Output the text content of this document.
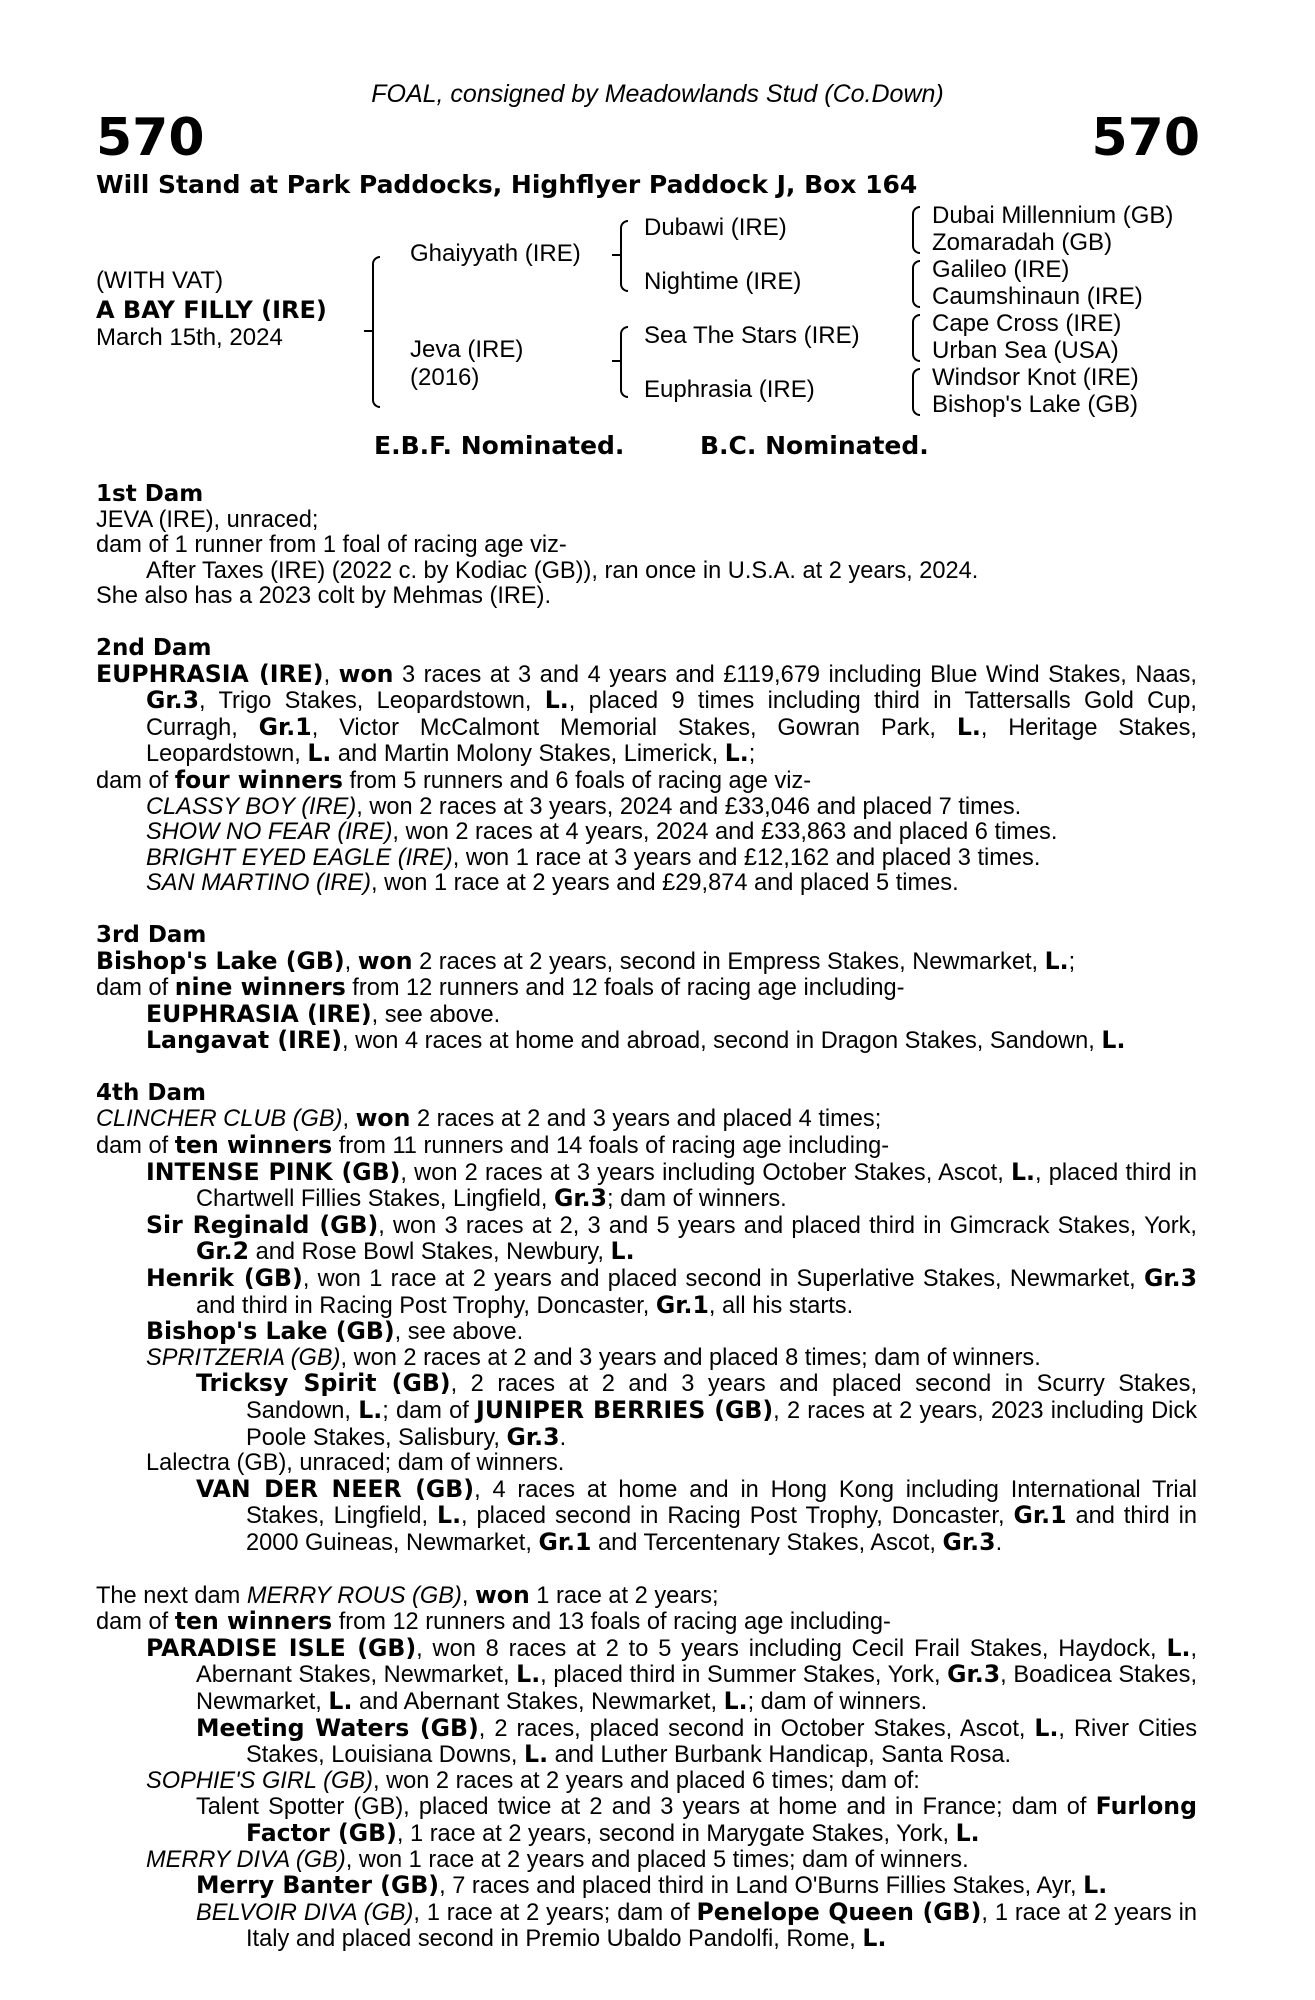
FOAL, consigned by Meadowlands Stud (Co.Down)
570	570
Will Stand at Park Paddocks, Highflyer Paddock J, Box 164
(WITH VAT)
A BAY FILLY (IRE)
March 15th, 2024
Ghaiyyath (IRE)
Jeva (IRE)
(2016)
Dubawi (IRE)
Nightime (IRE)
Sea The Stars (IRE)
Euphrasia (IRE)
Dubai Millennium (GB)
Zomaradah (GB)
Galileo (IRE)
Caumshinaun (IRE)
Cape Cross (IRE)
Urban Sea (USA)
Windsor Knot (IRE)
Bishop's Lake (GB)
E.B.F. Nominated.	B.C. Nominated.

1st Dam

JEVA (IRE), unraced;

dam of 1 runner from 1 foal of racing age viz-

After Taxes (IRE) (2022 c. by Kodiac (GB)), ran once in U.S.A. at 2 years, 2024.

She also has a 2023 colt by Mehmas (IRE).

2nd Dam

EUPHRASIA (IRE), won 3 races at 3 and 4 years and £119,679 including Blue Wind Stakes, Naas, Gr.3, Trigo Stakes, Leopardstown, L., placed 9 times including third in Tattersalls Gold Cup, Curragh, Gr.1, Victor McCalmont Memorial Stakes, Gowran Park, L., Heritage Stakes, Leopardstown, L. and Martin Molony Stakes, Limerick, L.;

dam of four winners from 5 runners and 6 foals of racing age viz-

CLASSY BOY (IRE), won 2 races at 3 years, 2024 and £33,046 and placed 7 times.

SHOW NO FEAR (IRE), won 2 races at 4 years, 2024 and £33,863 and placed 6 times.

BRIGHT EYED EAGLE (IRE), won 1 race at 3 years and £12,162 and placed 3 times.

SAN MARTINO (IRE), won 1 race at 2 years and £29,874 and placed 5 times.

3rd Dam

Bishop's Lake (GB), won 2 races at 2 years, second in Empress Stakes, Newmarket, L.;

dam of nine winners from 12 runners and 12 foals of racing age including-

EUPHRASIA (IRE), see above.

Langavat (IRE), won 4 races at home and abroad, second in Dragon Stakes, Sandown, L.

4th Dam

CLINCHER CLUB (GB), won 2 races at 2 and 3 years and placed 4 times;

dam of ten winners from 11 runners and 14 foals of racing age including-

INTENSE PINK (GB), won 2 races at 3 years including October Stakes, Ascot, L., placed third in Chartwell Fillies Stakes, Lingfield, Gr.3; dam of winners.

Sir Reginald (GB), won 3 races at 2, 3 and 5 years and placed third in Gimcrack Stakes, York, Gr.2 and Rose Bowl Stakes, Newbury, L.

Henrik (GB), won 1 race at 2 years and placed second in Superlative Stakes, Newmarket, Gr.3 and third in Racing Post Trophy, Doncaster, Gr.1, all his starts.

Bishop's Lake (GB), see above.

SPRITZERIA (GB), won 2 races at 2 and 3 years and placed 8 times; dam of winners.

Tricksy Spirit (GB), 2 races at 2 and 3 years and placed second in Scurry Stakes, Sandown, L.; dam of JUNIPER BERRIES (GB), 2 races at 2 years, 2023 including Dick Poole Stakes, Salisbury, Gr.3.

Lalectra (GB), unraced; dam of winners.

VAN DER NEER (GB), 4 races at home and in Hong Kong including International Trial Stakes, Lingfield, L., placed second in Racing Post Trophy, Doncaster, Gr.1 and third in 2000 Guineas, Newmarket, Gr.1 and Tercentenary Stakes, Ascot, Gr.3.

The next dam MERRY ROUS (GB), won 1 race at 2 years;

dam of ten winners from 12 runners and 13 foals of racing age including-

PARADISE ISLE (GB), won 8 races at 2 to 5 years including Cecil Frail Stakes, Haydock, L., Abernant Stakes, Newmarket, L., placed third in Summer Stakes, York, Gr.3, Boadicea Stakes, Newmarket, L. and Abernant Stakes, Newmarket, L.; dam of winners.

Meeting Waters (GB), 2 races, placed second in October Stakes, Ascot, L., River Cities Stakes, Louisiana Downs, L. and Luther Burbank Handicap, Santa Rosa.

SOPHIE'S GIRL (GB), won 2 races at 2 years and placed 6 times; dam of:

Talent Spotter (GB), placed twice at 2 and 3 years at home and in France; dam of Furlong Factor (GB), 1 race at 2 years, second in Marygate Stakes, York, L.

MERRY DIVA (GB), won 1 race at 2 years and placed 5 times; dam of winners.

Merry Banter (GB), 7 races and placed third in Land O'Burns Fillies Stakes, Ayr, L.

BELVOIR DIVA (GB), 1 race at 2 years; dam of Penelope Queen (GB), 1 race at 2 years in Italy and placed second in Premio Ubaldo Pandolfi, Rome, L.
